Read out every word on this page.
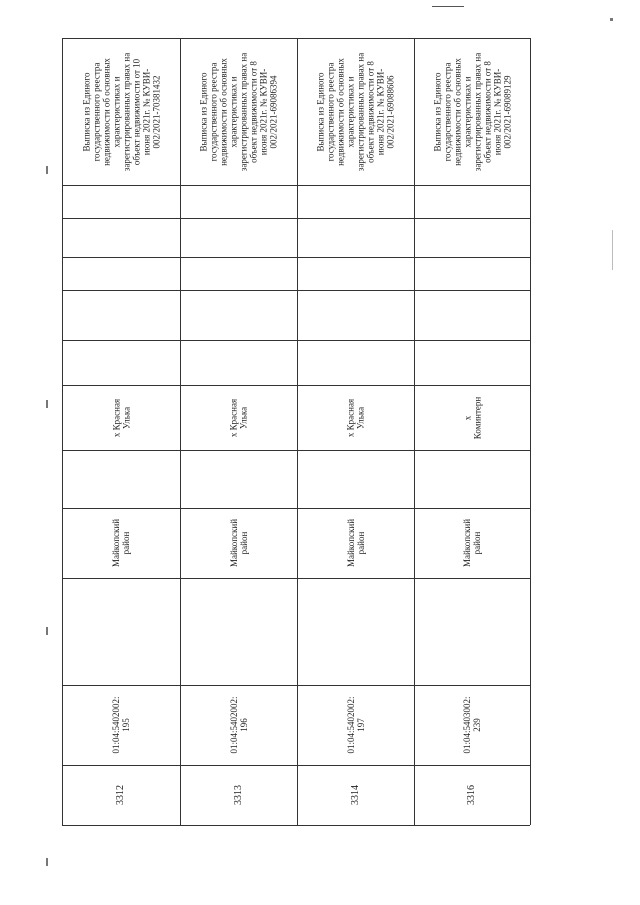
Выписка из Единого
государственного реестра
недвижимости об основных
характеристиках и
зарегистрированных правах на
объект недвижимости от 10
июня 2021г. № КУВИ-
002/2021-70381432
х Красная
Улька
Майкопский
район
01:04:5402002:
195
3312
Выписка из Единого
государственного реестра
недвижимости об основных
характеристиках и
зарегистрированных правах на
объект недвижимости от 8
июня 2021г. № КУВИ-
002/2021-69086394
х Красная
Улька
Майкопский
район
01:04:5402002:
196
3313
Выписка из Единого
государственного реестра
недвижимости об основных
характеристиках и
зарегистрированных правах на
объект недвижимости от 8
июня 2021г. № КУВИ-
002/2021-69088606
х Красная
Улька
Майкопский
район
01:04:5402002:
197
3314
Выписка из Единого
государственного реестра
недвижимости об основных
характеристиках и
зарегистрированных правах на
объект недвижимости от 8
июня 2021г. № КУВИ-
002/2021-69089129
х
Коминтерн
Майкопский
район
01:04:5403002:
239
3316
